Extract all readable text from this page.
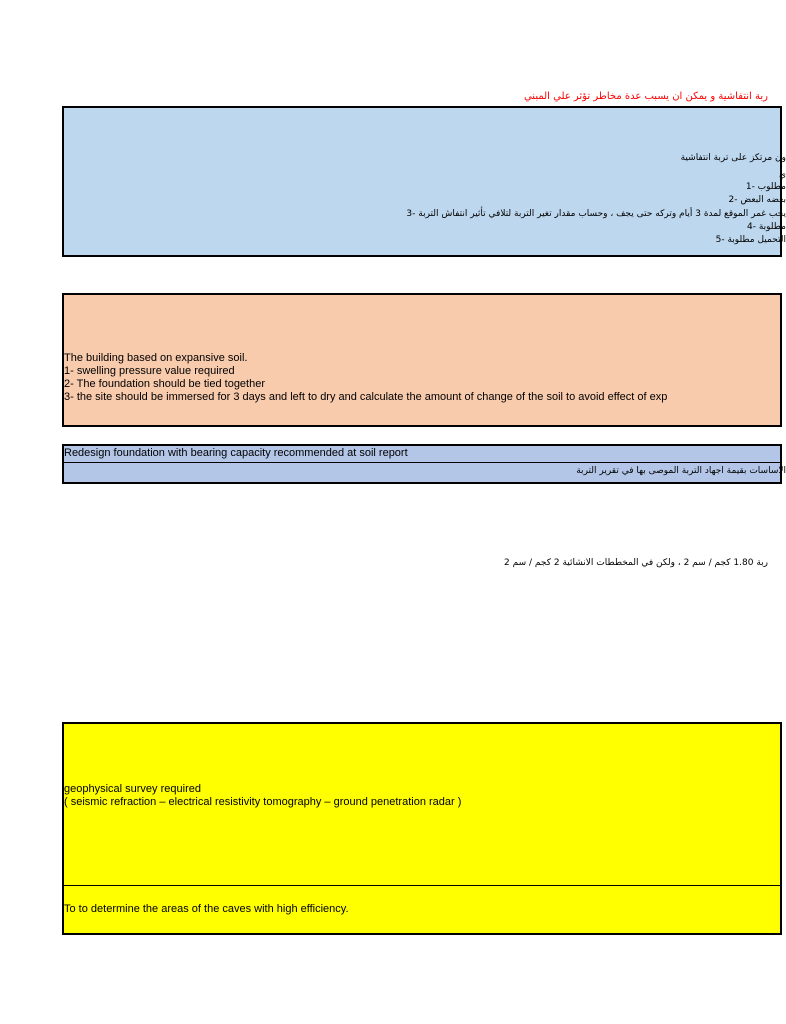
ربة انتفاشية و يمكن ان يسبب عدة مخاطر تؤثر علي المبني
ون مرتكز على تربة انتفاشية
ي
مطلوب -1
بعضه البعض -2
يجب غمر الموقع لمدة 3 أيام وتركه حتى يجف ، وحساب مقدار تغير التربة لتلافي تأثير انتفاش التربة -3
مطلوبة -4
التحميل مطلوبة -5
The building based on expansive soil.
1- swelling pressure value required
2- The foundation should be tied together
3- the site should be immersed for 3 days and left to dry and calculate the amount of change of the soil to avoid effect of exp
Redesign foundation with bearing capacity recommended at soil report
الاساسات بقيمة اجهاد التربة الموصى بها في تقرير التربة
ربة 1.80 كجم / سم 2 ، ولكن في المخططات الانشائية 2 كجم / سم 2
geophysical survey required
( seismic refraction – electrical resistivity tomography – ground penetration radar )
To to determine the areas of the caves with high efficiency.
